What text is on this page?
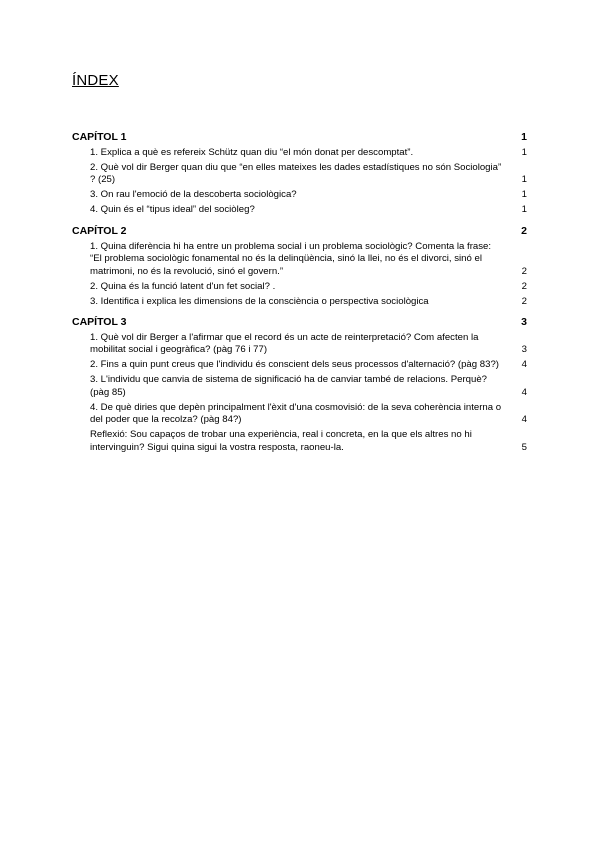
ÍNDEX
CAPÍTOL 1	1
1. Explica a què es refereix Schütz quan diu “el món donat per descomptat”.	1
2. Què vol dir Berger quan diu que “en elles mateixes les dades estadístiques no són Sociologia” ? (25)	1
3. On rau l'emoció de la descoberta sociològica?	1
4. Quin és el “tipus ideal” del sociòleg?	1
CAPÍTOL 2	2
1. Quina diferència hi ha entre un problema social i un problema sociològic? Comenta la frase: “El problema sociològic fonamental no és la delinqüència, sinó la llei, no és el divorci, sinó el matrimoni, no és la revolució, sinó el govern.”	2
2. Quina és la funció latent d'un fet social? .	2
3. Identifica i explica les dimensions de la consciència o perspectiva sociològica	2
CAPÍTOL 3	3
1. Què vol dir Berger a l'afirmar que el record és un acte de reinterpretació? Com afecten la mobilitat social i geogràfica? (pàg 76 i 77)	3
2. Fins a quin punt creus que l'individu és conscient dels seus processos d'alternació? (pàg 83?)	4
3. L'individu que canvia de sistema de significació ha de canviar també de relacions. Perquè? (pàg 85)	4
4. De què diries que depèn principalment l'èxit d'una cosmovisió: de la seva coherència interna o del poder que la recolza? (pàg 84?)	4
Reflexió: Sou capaços de trobar una experiència, real i concreta, en la que els altres no hi intervinguin? Sigui quina sigui la vostra resposta, raoneu-la.	5
